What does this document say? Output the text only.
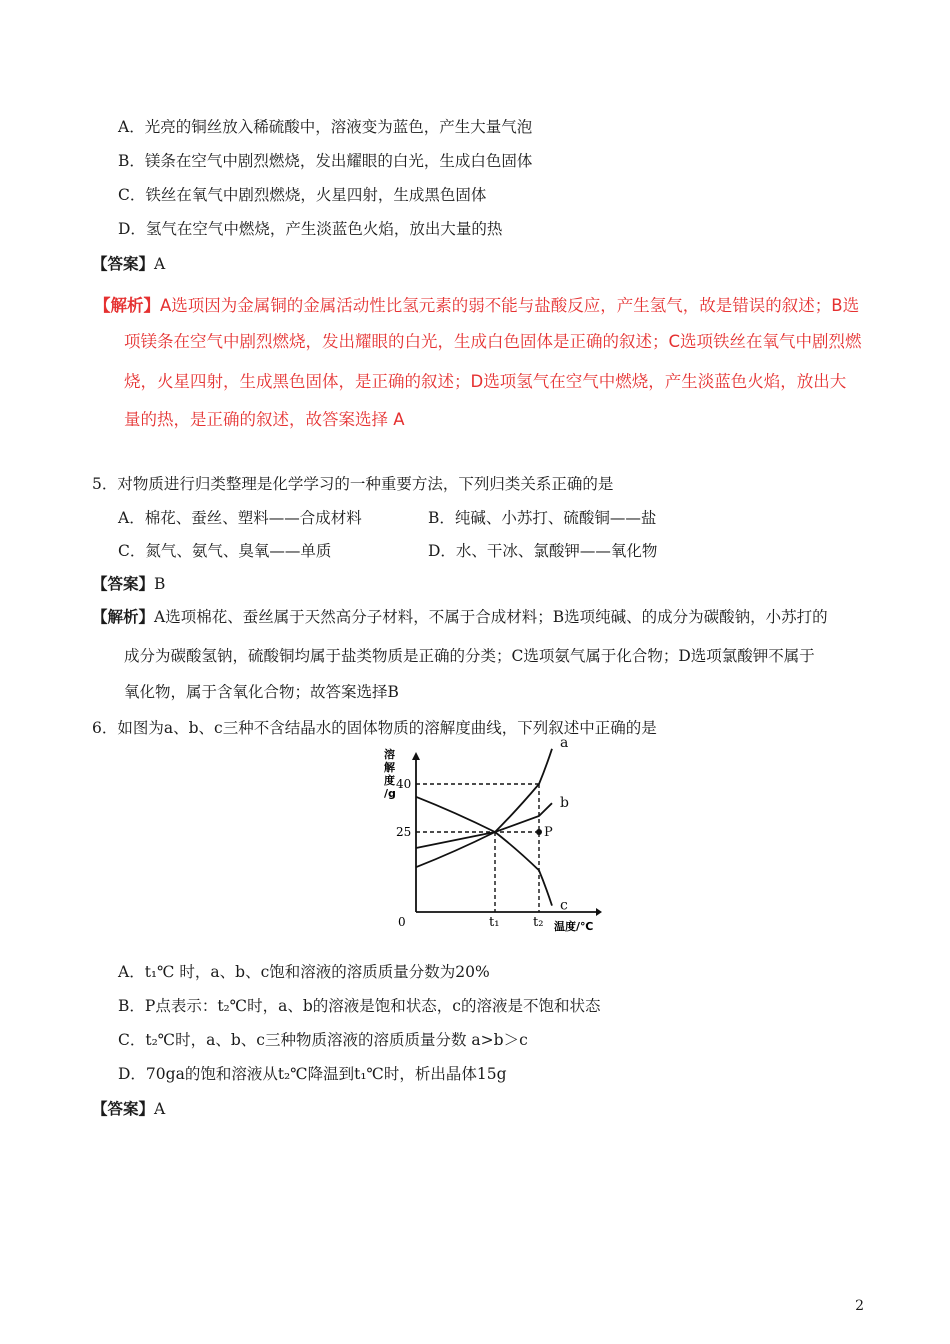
A．光亮的铜丝放入稀硫酸中，溶液变为蓝色，产生大量气泡
B．镁条在空气中剧烈燃烧，发出耀眼的白光，生成白色固体
C．铁丝在氧气中剧烈燃烧，火星四射，生成黑色固体
D．氢气在空气中燃烧，产生淡蓝色火焰，放出大量的热
【答案】A
【解析】A选项因为金属铜的金属活动性比氢元素的弱不能与盐酸反应，产生氢气，故是错误的叙述；B选
项镁条在空气中剧烈燃烧，发出耀眼的白光，生成白色固体是正确的叙述；C选项铁丝在氧气中剧烈燃
烧，火星四射，生成黑色固体，是正确的叙述；D选项氢气在空气中燃烧，产生淡蓝色火焰，放出大
量的热，是正确的叙述，故答案选择 A
5．对物质进行归类整理是化学学习的一种重要方法，下列归类关系正确的是
A．棉花、蚕丝、塑料——合成材料	B．纯碱、小苏打、硫酸铜——盐
C．氮气、氨气、臭氧——单质	D．水、干冰、氯酸钾——氧化物
【答案】B
【解析】A选项棉花、蚕丝属于天然高分子材料，不属于合成材料；B选项纯碱、的成分为碳酸钠，小苏打的
成分为碳酸氢钠，硫酸铜均属于盐类物质是正确的分类；C选项氨气属于化合物；D选项氯酸钾不属于
氧化物，属于含氧化合物；故答案选择B
6．如图为a、b、c三种不含结晶水的固体物质的溶解度曲线，下列叙述中正确的是
a
b
c
P
40
25
0	t₁	t₂ 温度/℃
溶解度/g
A．t₁℃ 时，a、b、c饱和溶液的溶质质量分数为20%
B．P点表示：t₂℃时，a、b的溶液是饱和状态，c的溶液是不饱和状态
C．t₂℃时，a、b、c三种物质溶液的溶质质量分数 a>b＞c
D．70ga的饱和溶液从t₂℃降温到t₁℃时，析出晶体15g
【答案】A
2
